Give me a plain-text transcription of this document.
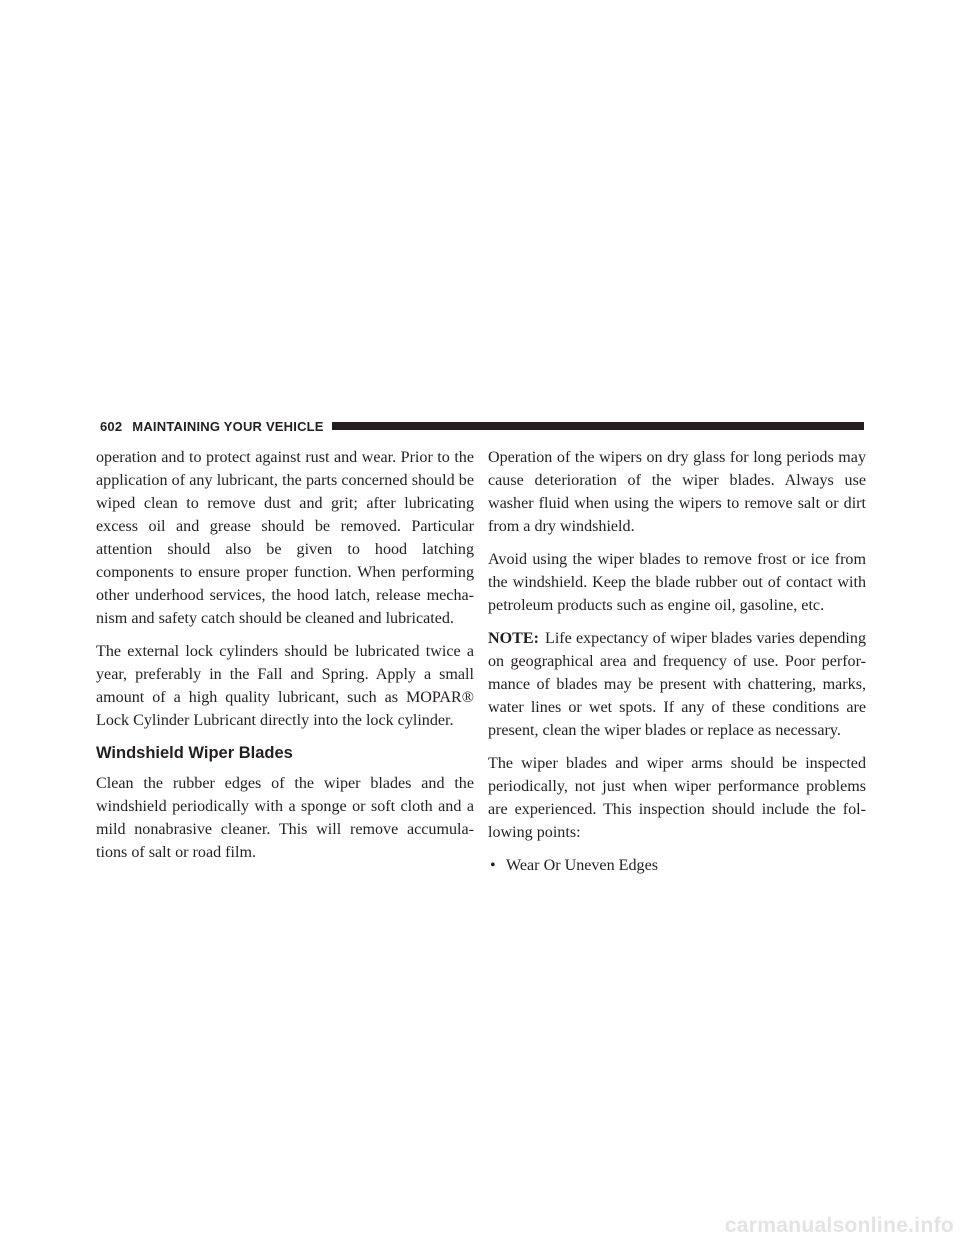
602 MAINTAINING YOUR VEHICLE

operation and to protect against rust and wear. Prior to the application of any lubricant, the parts concerned should be wiped clean to remove dust and grit; after lubricating excess oil and grease should be removed. Particular attention should also be given to hood latching components to ensure proper function. When performing other underhood services, the hood latch, release mecha-nism and safety catch should be cleaned and lubricated.

The external lock cylinders should be lubricated twice a year, preferably in the Fall and Spring. Apply a small amount of a high quality lubricant, such as MOPAR® Lock Cylinder Lubricant directly into the lock cylinder.

Windshield Wiper Blades

Clean the rubber edges of the wiper blades and the windshield periodically with a sponge or soft cloth and a mild nonabrasive cleaner. This will remove accumula-tions of salt or road film.

Operation of the wipers on dry glass for long periods may cause deterioration of the wiper blades. Always use washer fluid when using the wipers to remove salt or dirt from a dry windshield.

Avoid using the wiper blades to remove frost or ice from the windshield. Keep the blade rubber out of contact with petroleum products such as engine oil, gasoline, etc.

NOTE: Life expectancy of wiper blades varies depending on geographical area and frequency of use. Poor perfor-mance of blades may be present with chattering, marks, water lines or wet spots. If any of these conditions are present, clean the wiper blades or replace as necessary.

The wiper blades and wiper arms should be inspected periodically, not just when wiper performance problems are experienced. This inspection should include the fol-lowing points:

• Wear Or Uneven Edges
carmanualsonline.info
